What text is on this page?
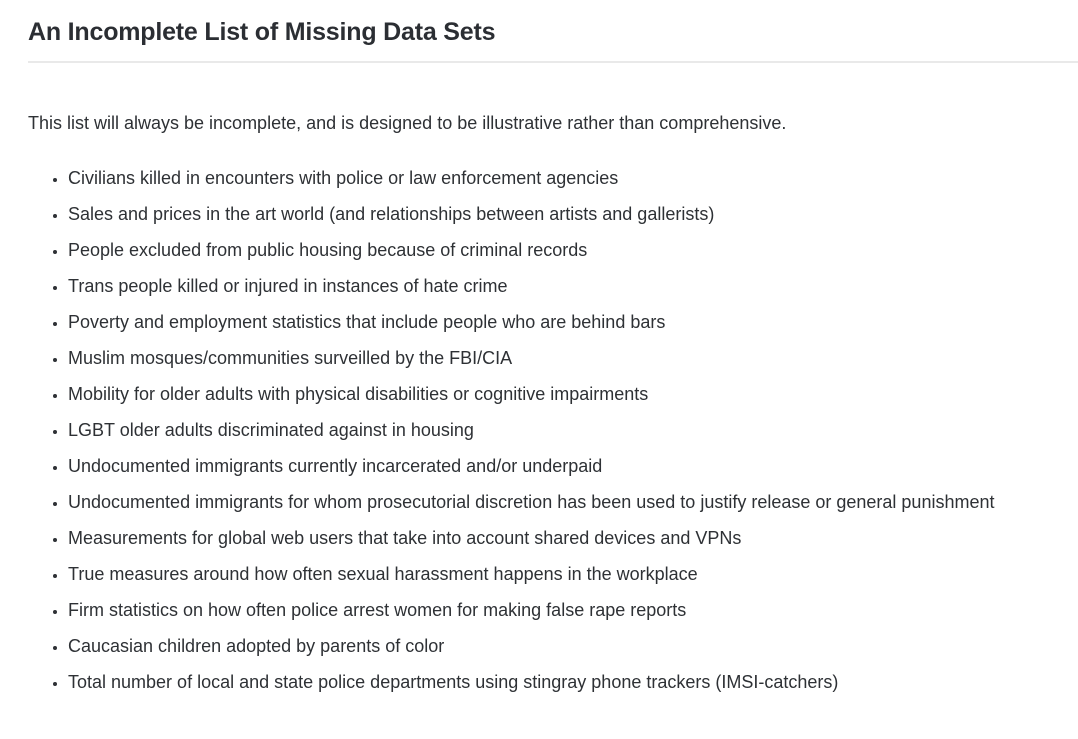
An Incomplete List of Missing Data Sets

This list will always be incomplete, and is designed to be illustrative rather than comprehensive.

• Civilians killed in encounters with police or law enforcement agencies
• Sales and prices in the art world (and relationships between artists and gallerists)
• People excluded from public housing because of criminal records
• Trans people killed or injured in instances of hate crime
• Poverty and employment statistics that include people who are behind bars
• Muslim mosques/communities surveilled by the FBI/CIA
• Mobility for older adults with physical disabilities or cognitive impairments
• LGBT older adults discriminated against in housing
• Undocumented immigrants currently incarcerated and/or underpaid
• Undocumented immigrants for whom prosecutorial discretion has been used to justify release or general punishment
• Measurements for global web users that take into account shared devices and VPNs
• True measures around how often sexual harassment happens in the workplace
• Firm statistics on how often police arrest women for making false rape reports
• Caucasian children adopted by parents of color
• Total number of local and state police departments using stingray phone trackers (IMSI-catchers)
